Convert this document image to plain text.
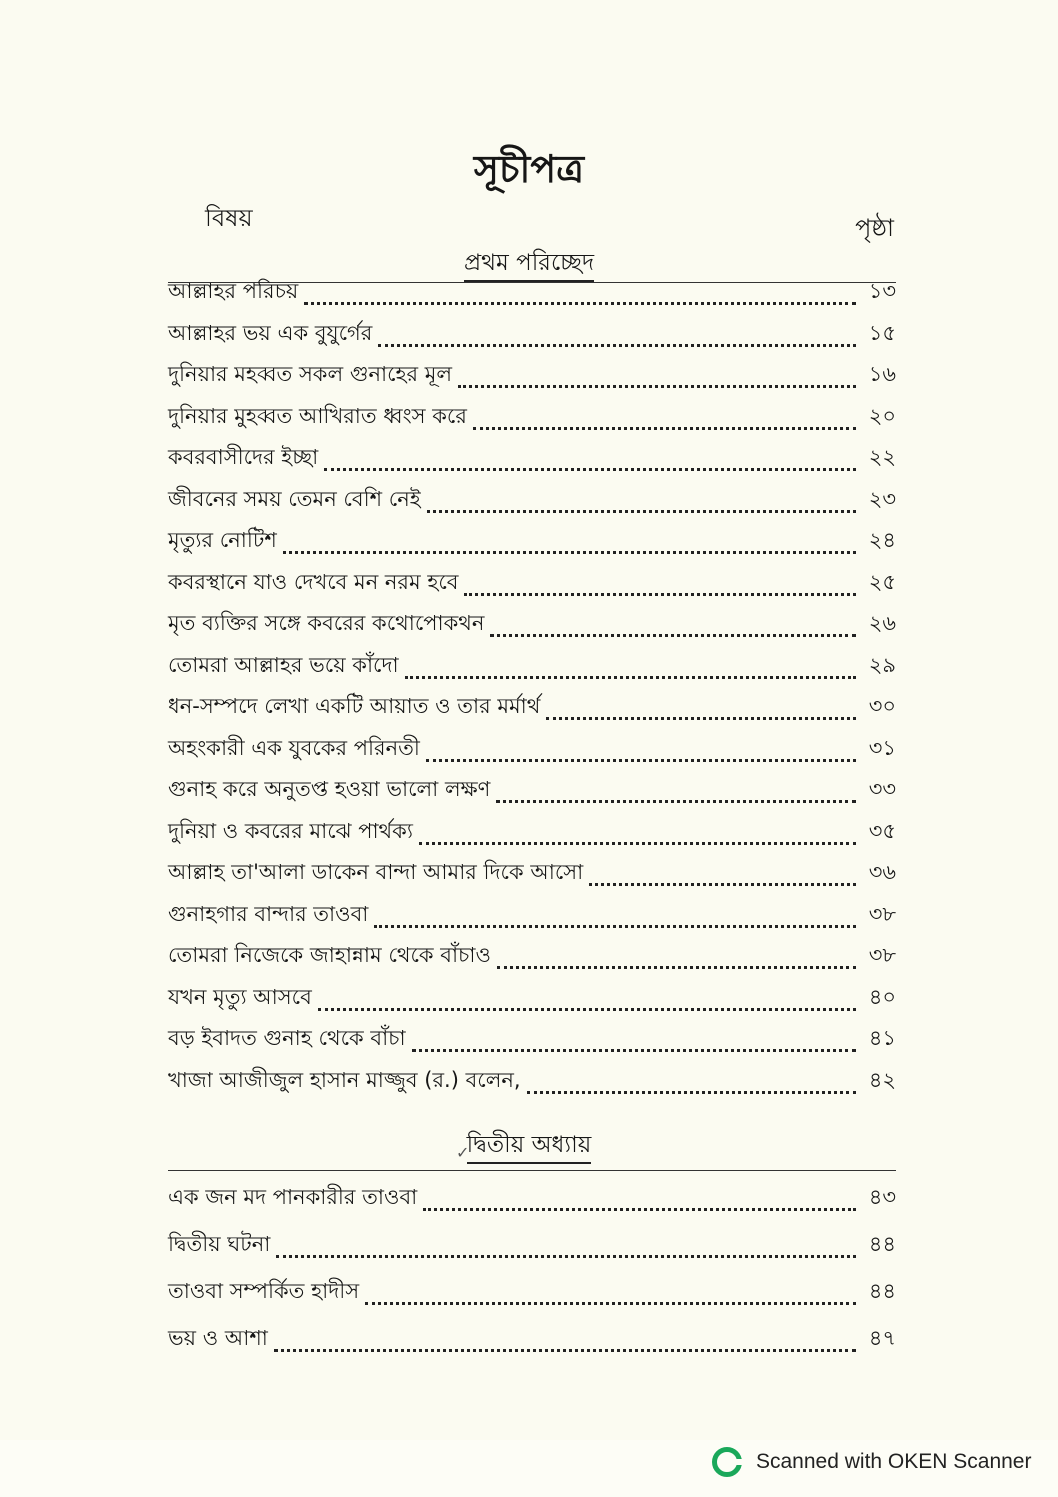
সূচীপত্র
বিষয়	পৃষ্ঠা
প্রথম পরিচ্ছেদ
আল্লাহর পরিচয়	১৩
আল্লাহর ভয় এক বুযুর্গের	১৫
দুনিয়ার মহব্বত সকল গুনাহের মূল	১৬
দুনিয়ার মুহব্বত আখিরাত ধ্বংস করে	২০
কবরবাসীদের ইচ্ছা	২২
জীবনের সময় তেমন বেশি নেই	২৩
মৃত্যুর নোটিশ	২৪
কবরস্থানে যাও দেখবে মন নরম হবে	২৫
মৃত ব্যক্তির সঙ্গে কবরের কথোপোকথন	২৬
তোমরা আল্লাহর ভয়ে কাঁদো	২৯
ধন-সম্পদে লেখা একটি আয়াত ও তার মর্মার্থ	৩০
অহংকারী এক যুবকের পরিনতী	৩১
গুনাহ করে অনুতপ্ত হওয়া ভালো লক্ষণ	৩৩
দুনিয়া ও কবরের মাঝে পার্থক্য	৩৫
আল্লাহ তা'আলা ডাকেন বান্দা আমার দিকে আসো	৩৬
গুনাহগার বান্দার তাওবা	৩৮
তোমরা নিজেকে জাহান্নাম থেকে বাঁচাও	৩৮
যখন মৃত্যু আসবে	৪০
বড় ইবাদত গুনাহ থেকে বাঁচা	৪১
খাজা আজীজুল হাসান মাজ্জুব (র.) বলেন,	৪২
✓
দ্বিতীয় অধ্যায়
এক জন মদ পানকারীর তাওবা	৪৩
দ্বিতীয় ঘটনা	৪৪
তাওবা সম্পর্কিত হাদীস	৪৪
ভয় ও আশা	৪৭
Scanned with OKEN Scanner
